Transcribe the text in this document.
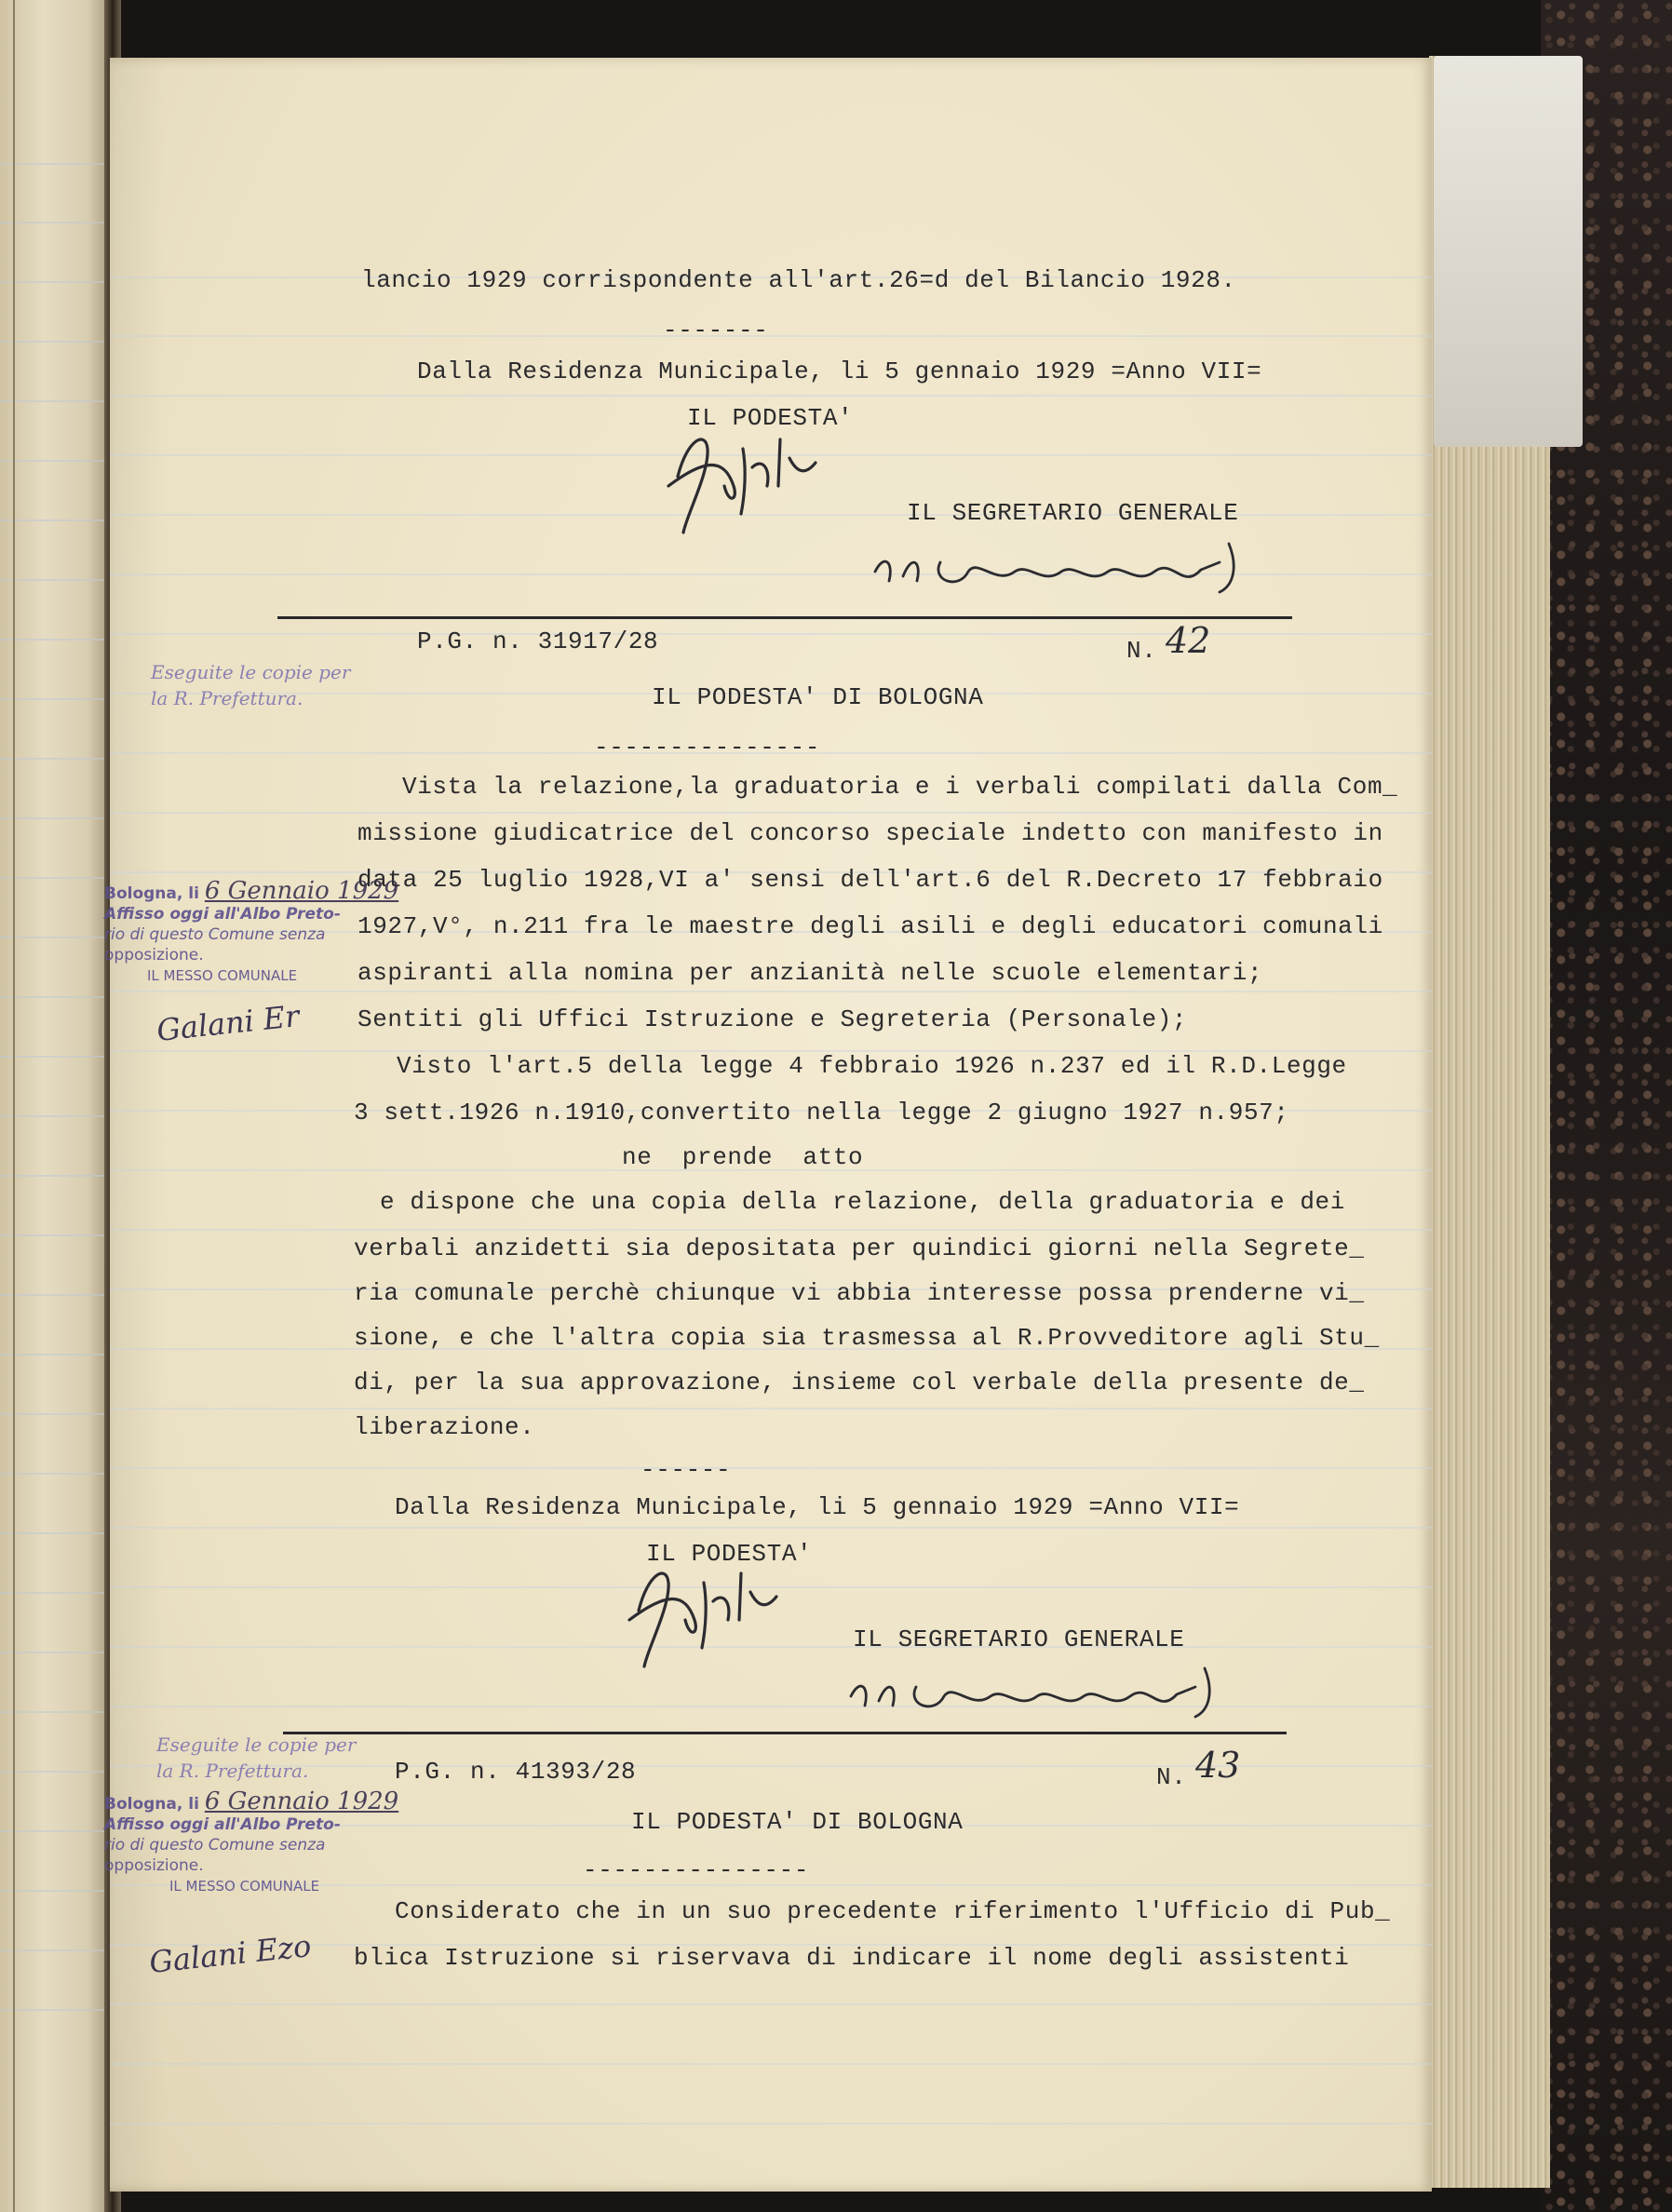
lancio 1929 corrispondente all'art.26=d del Bilancio 1928.
-------
Dalla Residenza Municipale, li 5 gennaio 1929 =Anno VII=
IL PODESTA'
IL SEGRETARIO GENERALE
P.G. n. 31917/28	N. 42
IL PODESTA' DI BOLOGNA
---------------
Vista la relazione,la graduatoria e i verbali compilati dalla Com_
missione giudicatrice del concorso speciale indetto con manifesto in
data 25 luglio 1928,VI a' sensi dell'art.6 del R.Decreto 17 febbraio
1927,V°, n.211 fra le maestre degli asili e degli educatori comunali
aspiranti alla nomina per anzianità nelle scuole elementari;
Sentiti gli Uffici Istruzione e Segreteria (Personale);
Visto l'art.5 della legge 4 febbraio 1926 n.237 ed il R.D.Legge
3 sett.1926 n.1910,convertito nella legge 2 giugno 1927 n.957;
ne  prende  atto
e dispone che una copia della relazione, della graduatoria e dei
verbali anzidetti sia depositata per quindici giorni nella Segrete_
ria comunale perchè chiunque vi abbia interesse possa prenderne vi_
sione, e che l'altra copia sia trasmessa al R.Provveditore agli Stu_
di, per la sua approvazione, insieme col verbale della presente de_
liberazione.
------
Dalla Residenza Municipale, li 5 gennaio 1929 =Anno VII=
IL PODESTA'
IL SEGRETARIO GENERALE
P.G. n. 41393/28	N. 43
IL PODESTA' DI BOLOGNA
---------------
Considerato che in un suo precedente riferimento l'Ufficio di Pub_
blica Istruzione si riservava di indicare il nome degli assistenti
Eseguite le copie per
la R. Prefettura.
Bologna, li 6 Gennaio 1929
Affisso oggi all'Albo Preto-
rio di questo Comune senza
opposizione.
IL MESSO COMUNALE
Galani Er
Eseguite le copie per
la R. Prefettura.
Bologna, li 6 Gennaio 1929
Affisso oggi all'Albo Preto-
rio di questo Comune senza
opposizione.
IL MESSO COMUNALE
Galani Ezo
